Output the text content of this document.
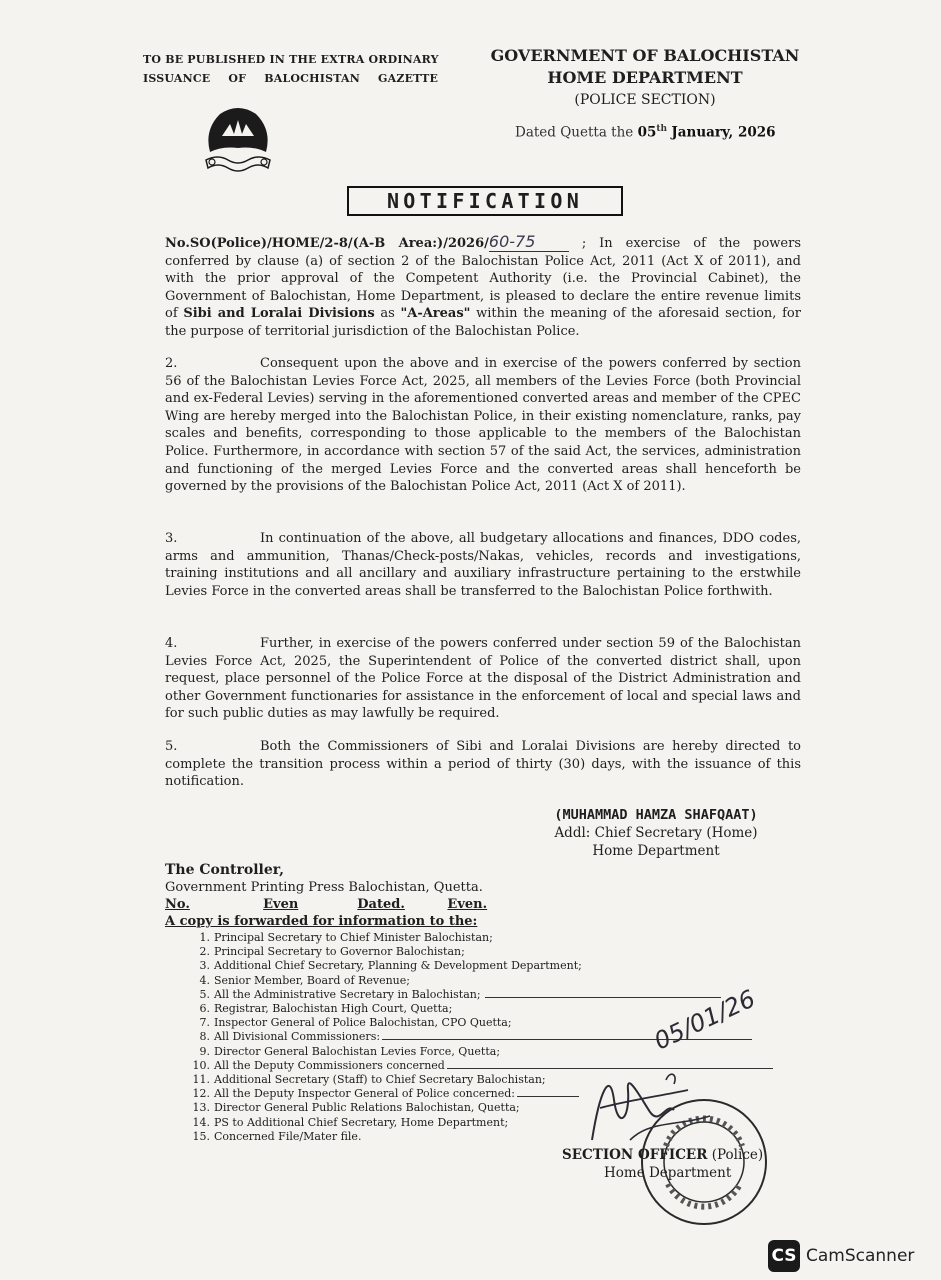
TO BE PUBLISHED IN THE EXTRA ORDINARY
ISSUANCE OF BALOCHISTAN GAZETTE
GOVERNMENT OF BALOCHISTAN
HOME DEPARTMENT
(POLICE SECTION)
Dated Quetta the 05th January, 2026
NOTIFICATION
No.SO(Police)/HOME/2-8/(A-B Area:)/2026/60-75	; In exercise of the powers conferred by clause (a) of section 2 of the Balochistan Police Act, 2011 (Act X of 2011), and with the prior approval of the Competent Authority (i.e. the Provincial Cabinet), the Government of Balochistan, Home Department, is pleased to declare the entire revenue limits of Sibi and Loralai Divisions as "A-Areas" within the meaning of the aforesaid section, for the purpose of territorial jurisdiction of the Balochistan Police.
2.	Consequent upon the above and in exercise of the powers conferred by section 56 of the Balochistan Levies Force Act, 2025, all members of the Levies Force (both Provincial and ex-Federal Levies) serving in the aforementioned converted areas and member of the CPEC Wing are hereby merged into the Balochistan Police, in their existing nomenclature, ranks, pay scales and benefits, corresponding to those applicable to the members of the Balochistan Police. Furthermore, in accordance with section 57 of the said Act, the services, administration and functioning of the merged Levies Force and the converted areas shall henceforth be governed by the provisions of the Balochistan Police Act, 2011 (Act X of 2011).
3.	In continuation of the above, all budgetary allocations and finances, DDO codes, arms and ammunition, Thanas/Check-posts/Nakas, vehicles, records and investigations, training institutions and all ancillary and auxiliary infrastructure pertaining to the erstwhile Levies Force in the converted areas shall be transferred to the Balochistan Police forthwith.
4.	Further, in exercise of the powers conferred under section 59 of the Balochistan Levies Force Act, 2025, the Superintendent of Police of the converted district shall, upon request, place personnel of the Police Force at the disposal of the District Administration and other Government functionaries for assistance in the enforcement of local and special laws and for such public duties as may lawfully be required.
5.	Both the Commissioners of Sibi and Loralai Divisions are hereby directed to complete the transition process within a period of thirty (30) days, with the issuance of this notification.
(MUHAMMAD HAMZA SHAFQAAT)
Addl: Chief Secretary (Home)
Home Department
The Controller,
Government Printing Press Balochistan, Quetta.
No.	Even	Dated.	Even.
A copy is forwarded for information to the:
1. Principal Secretary to Chief Minister Balochistan;
2. Principal Secretary to Governor Balochistan;
3. Additional Chief Secretary, Planning & Development Department;
4. Senior Member, Board of Revenue;
5. All the Administrative Secretary in Balochistan;
6. Registrar, Balochistan High Court, Quetta;
7. Inspector General of Police Balochistan, CPO Quetta;
8. All Divisional Commissioners:
9. Director General Balochistan Levies Force, Quetta;
10. All the Deputy Commissioners concerned
11. Additional Secretary (Staff) to Chief Secretary Balochistan;
12. All the Deputy Inspector General of Police concerned:
13. Director General Public Relations Balochistan, Quetta;
14. PS to Additional Chief Secretary, Home Department;
15. Concerned File/Mater file.
05/01/26
SECTION OFFICER (Police)
Home Department
CS CamScanner
